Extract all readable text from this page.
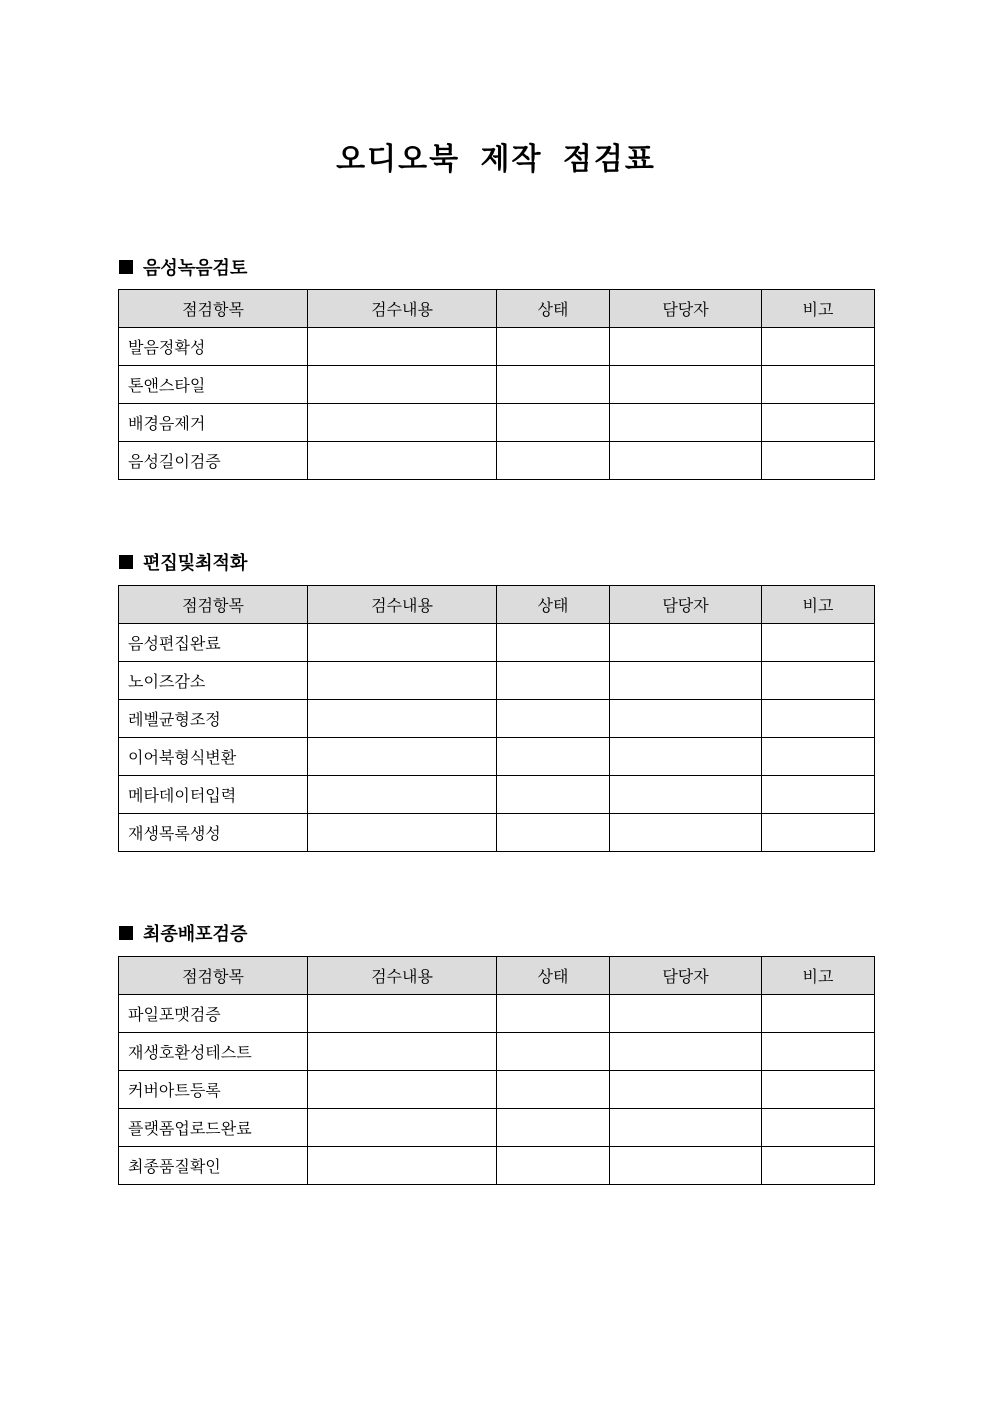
오디오북 제작 점검표
음성녹음검토
점검항목	검수내용	상태	담당자	비고
발음정확성				
톤앤스타일				
배경음제거				
음성길이검증				
편집및최적화
점검항목	검수내용	상태	담당자	비고
음성편집완료				
노이즈감소				
레벨균형조정				
이어북형식변환				
메타데이터입력				
재생목록생성				
최종배포검증
점검항목	검수내용	상태	담당자	비고
파일포맷검증				
재생호환성테스트				
커버아트등록				
플랫폼업로드완료				
최종품질확인				
